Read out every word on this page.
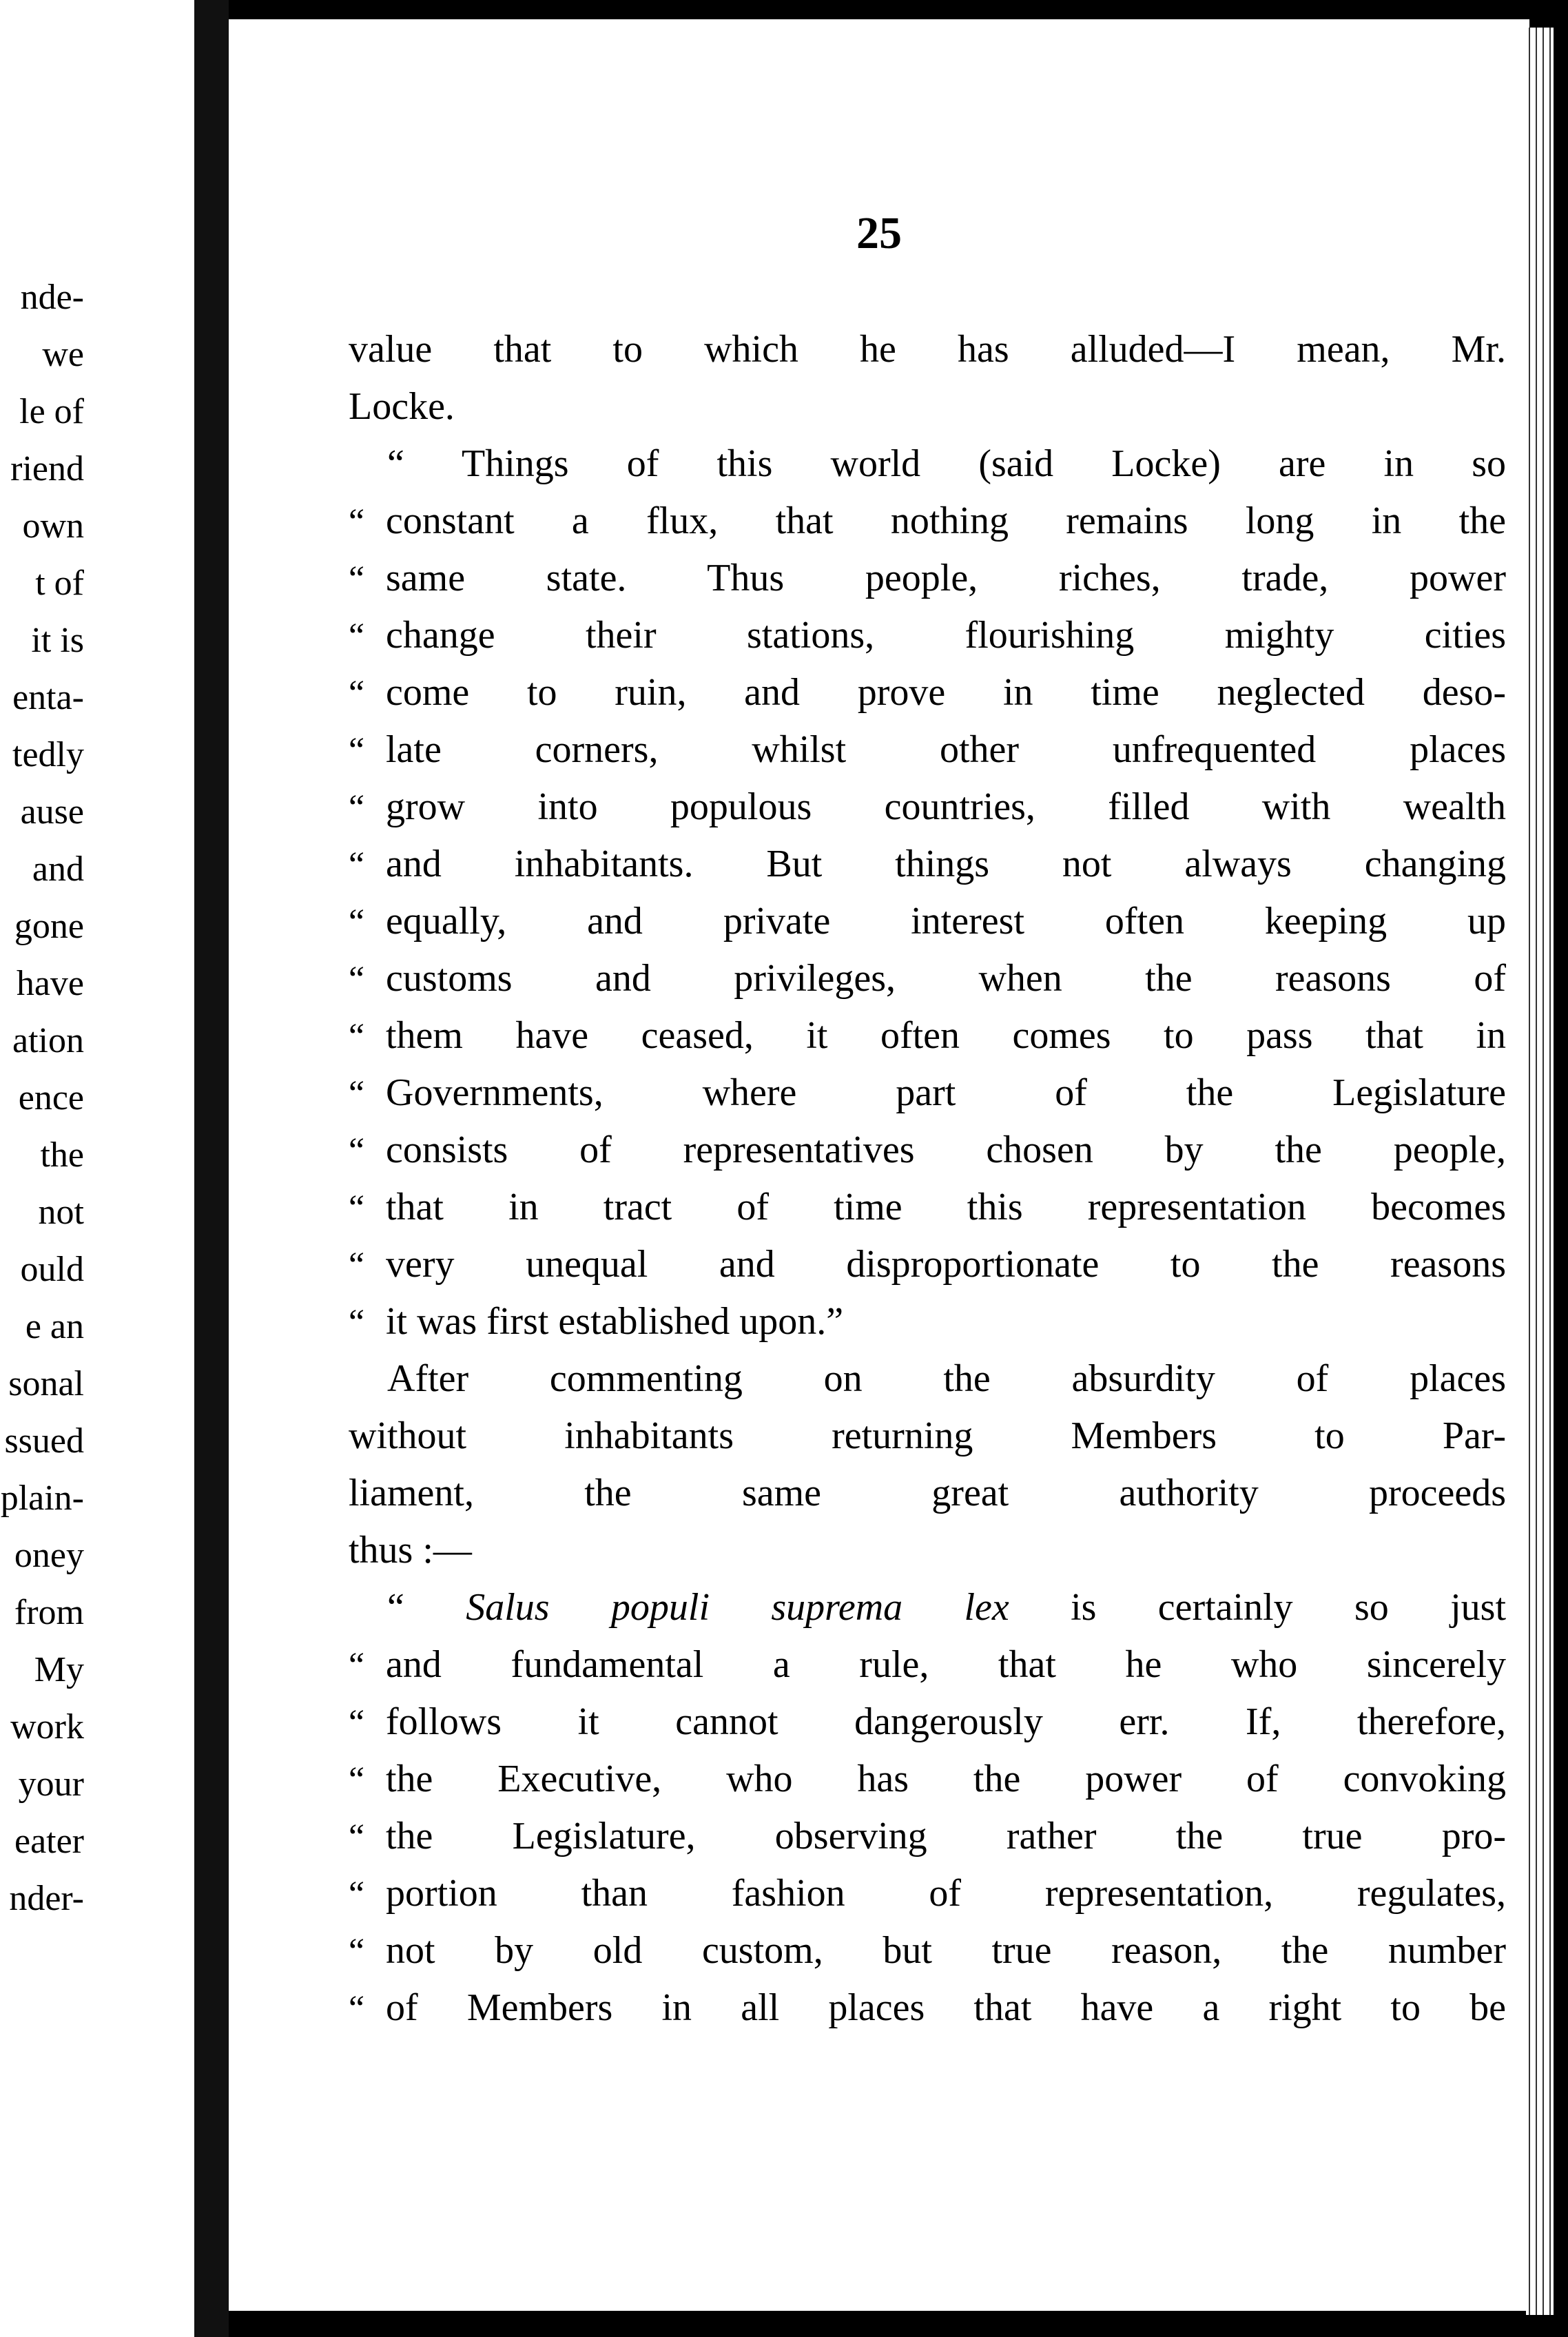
nde-
we
le of
riend
own
t of
it is
enta-
tedly
ause
and
gone
have
ation
ence
the
not
ould
e an
sonal
ssued
plain-
oney
from
My
work
your
eater
nder-
25
value that to which he has alluded—I mean, Mr.
Locke.
“ Things of this world (said Locke) are in so
“ constant a flux, that nothing remains long in the
“ same state. Thus people, riches, trade, power
“ change their stations, flourishing mighty cities
“ come to ruin, and prove in time neglected deso-
“ late corners, whilst other unfrequented places
“ grow into populous countries, filled with wealth
“ and inhabitants. But things not always changing
“ equally, and private interest often keeping up
“ customs and privileges, when the reasons of
“ them have ceased, it often comes to pass that in
“ Governments, where part of the Legislature
“ consists of representatives chosen by the people,
“ that in tract of time this representation becomes
“ very unequal and disproportionate to the reasons
“ it was first established upon.”
After commenting on the absurdity of places
without inhabitants returning Members to Par-
liament, the same great authority proceeds
thus :—
“ Salus populi suprema lex is certainly so just
“ and fundamental a rule, that he who sincerely
“ follows it cannot dangerously err. If, therefore,
“ the Executive, who has the power of convoking
“ the Legislature, observing rather the true pro-
“ portion than fashion of representation, regulates,
“ not by old custom, but true reason, the number
“ of Members in all places that have a right to be
